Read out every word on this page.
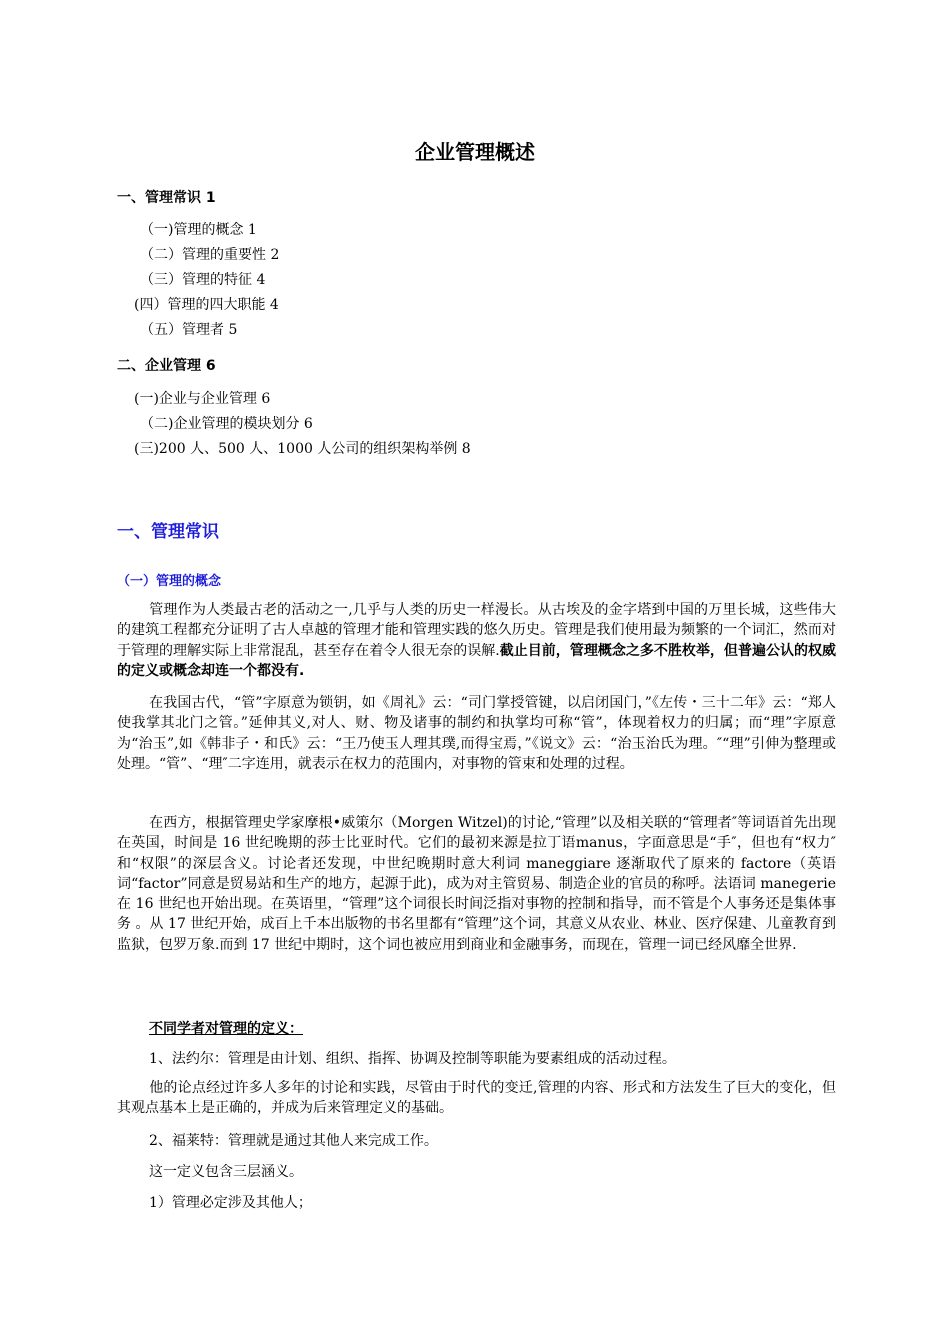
企业管理概述

一、管理常识 1

（一)管理的概念 1

（二）管理的重要性 2

（三）管理的特征 4

(四）管理的四大职能 4

（五）管理者 5

二、企业管理 6

(一)企业与企业管理 6

（二)企业管理的模块划分 6

(三)200 人、500 人、1000 人公司的组织架构举例 8

一、管理常识
（一）管理的概念

管理作为人类最古老的活动之一,几乎与人类的历史一样漫长。从古埃及的金字塔到中国的万里长城，这些伟大的建筑工程都充分证明了古人卓越的管理才能和管理实践的悠久历史。管理是我们使用最为频繁的一个词汇，然而对于管理的理解实际上非常混乱，甚至存在着令人很无奈的误解.截止目前，管理概念之多不胜枚举，但普遍公认的权威的定义或概念却连一个都没有.

在我国古代，“管”字原意为锁钥，如《周礼》云：“司门掌授管键，以启闭国门，”《左传・三十二年》云：“郑人使我掌其北门之管。”延伸其义,对人、财、物及诸事的制约和执掌均可称“管”，体现着权力的归属；而“理”字原意为“治玉”,如《韩非子・和氏》云：“王乃使玉人理其璞,而得宝焉，”《说文》云：“治玉治氏为理。″“理”引伸为整理或处理。“管”、“理″二字连用，就表示在权力的范围内，对事物的管束和处理的过程。

在西方，根据管理史学家摩根•威策尔（Morgen Witzel)的讨论,“管理”以及相关联的“管理者″等词语首先出现在英国，时间是 16 世纪晚期的莎士比亚时代。它们的最初来源是拉丁语manus，字面意思是“手″，但也有“权力″和“权限”的深层含义。讨论者还发现，中世纪晚期时意大利词 maneggiare 逐渐取代了原来的 factore（英语词“factor”同意是贸易站和生产的地方，起源于此)，成为对主管贸易、制造企业的官员的称呼。法语词 manegerie 在 16 世纪也开始出现。在英语里，“管理”这个词很长时间泛指对事物的控制和指导，而不管是个人事务还是集体事务 。从 17 世纪开始，成百上千本出版物的书名里都有“管理”这个词，其意义从农业、林业、医疗保建、儿童教育到监狱，包罗万象.而到 17 世纪中期时，这个词也被应用到商业和金融事务，而现在，管理一词已经风靡全世界.

不同学者对管理的定义：

1、法约尔：管理是由计划、组织、指挥、协调及控制等职能为要素组成的活动过程。

他的论点经过许多人多年的讨论和实践，尽管由于时代的变迁,管理的内容、形式和方法发生了巨大的变化，但其观点基本上是正确的，并成为后来管理定义的基础。

2、福莱特：管理就是通过其他人来完成工作。

这一定义包含三层涵义。

1）管理必定涉及其他人；
